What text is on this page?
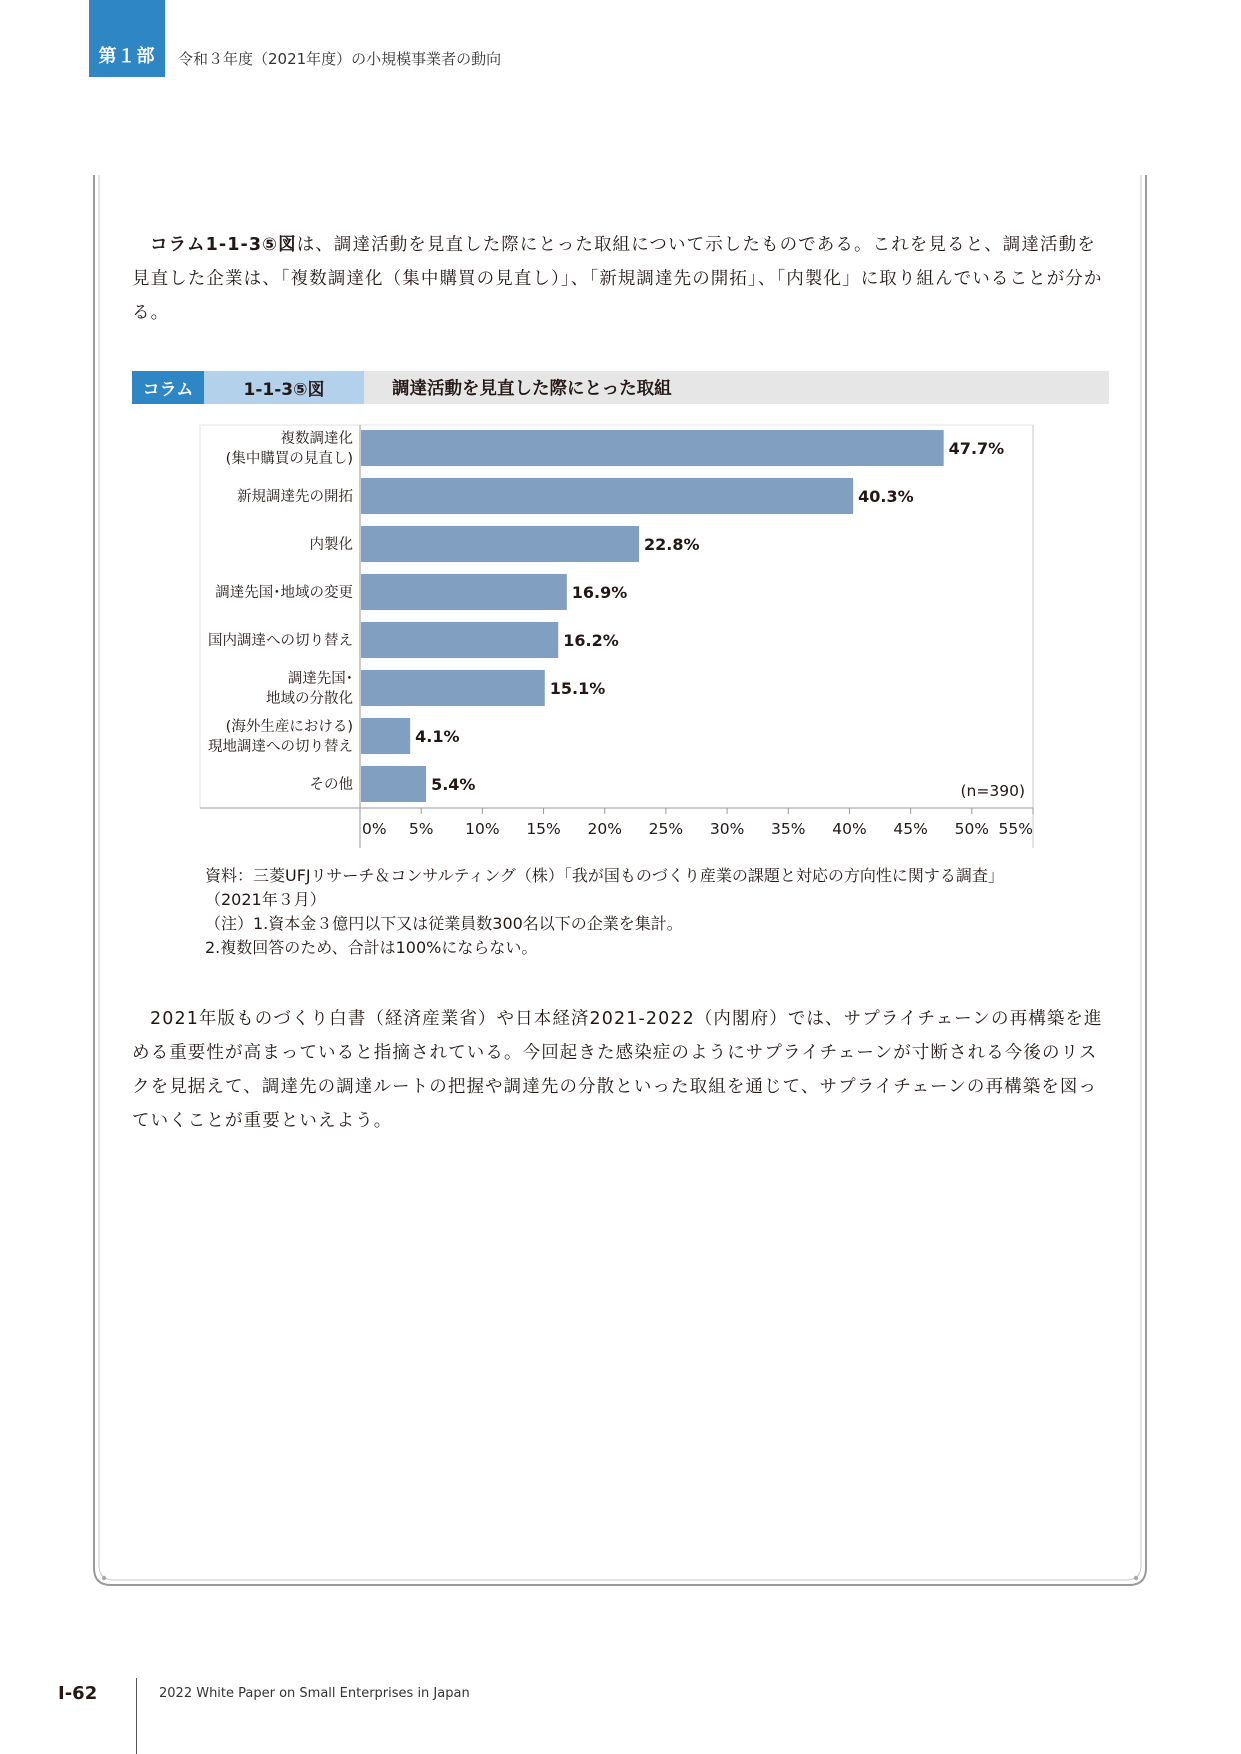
第１部	令和３年度（2021年度）の小規模事業者の動向

コラム1-1-3⑤図は、調達活動を見直した際にとった取組について示したものである。これを見ると、調達活動を見直した企業は、「複数調達化（集中購買の見直し）」、「新規調達先の開拓」、「内製化」に取り組んでいることが分かる。

コラム	1-1-3⑤図	調達活動を見直した際にとった取組
47.7%
複数調達化
(集中購買の見直し)
40.3%
新規調達先の開拓
22.8%
内製化
16.9%
調達先国･地域の変更
16.2%
国内調達への切り替え
15.1%
調達先国･
地域の分散化
4.1%
(海外生産における)
現地調達への切り替え
5.4%
その他
0% 5% 10% 15% 20% 25% 30% 35% 40% 45% 50% 55%
(n=390)
資料：三菱UFJリサーチ＆コンサルティング（株）「我が国ものづくり産業の課題と対応の方向性に関する調査」
（2021年３月）
（注）1.資本金３億円以下又は従業員数300名以下の企業を集計。
2.複数回答のため、合計は100%にならない。

2021年版ものづくり白書（経済産業省）や日本経済2021-2022（内閣府）では、サプライチェーンの再構築を進める重要性が高まっていると指摘されている。今回起きた感染症のようにサプライチェーンが寸断される今後のリスクを見据えて、調達先の調達ルートの把握や調達先の分散といった取組を通じて、サプライチェーンの再構築を図っていくことが重要といえよう。

I-62	2022 White Paper on Small Enterprises in Japan
